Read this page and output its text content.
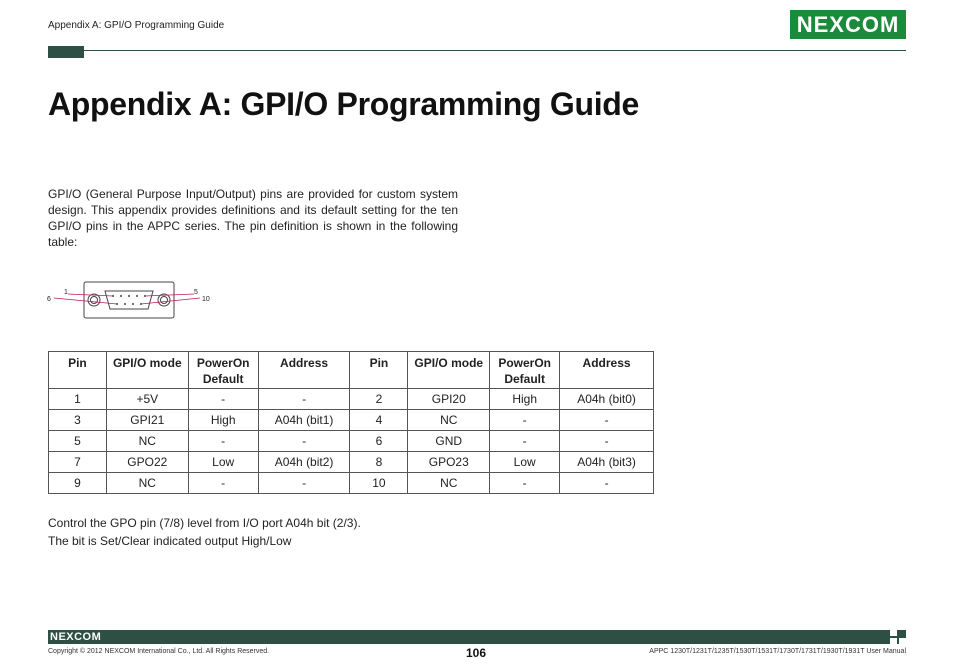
Appendix A: GPI/O Programming Guide	NEXCOM
Appendix A: GPI/O Programming Guide

GPI/O (General Purpose Input/Output) pins are provided for custom system design. This appendix provides definitions and its default setting for the ten GPI/O pins in the APPC series. The pin definition is shown in the following table:

1	5
6	10
Pin	GPI/O mode	PowerOn Default	Address	Pin	GPI/O mode	PowerOn Default	Address
1	+5V	-	-	2	GPI20	High	A04h (bit0)
3	GPI21	High	A04h (bit1)	4	NC	-	-
5	NC	-	-	6	GND	-	-
7	GPO22	Low	A04h (bit2)	8	GPO23	Low	A04h (bit3)
9	NC	-	-	10	NC	-	-
Control the GPO pin (7/8) level from I/O port A04h bit (2/3).
The bit is Set/Clear indicated output High/Low
NEXCOM
Copyright © 2012 NEXCOM International Co., Ltd. All Rights Reserved.	106	APPC 1230T/1231T/1235T/1530T/1531T/1730T/1731T/1930T/1931T User Manual
